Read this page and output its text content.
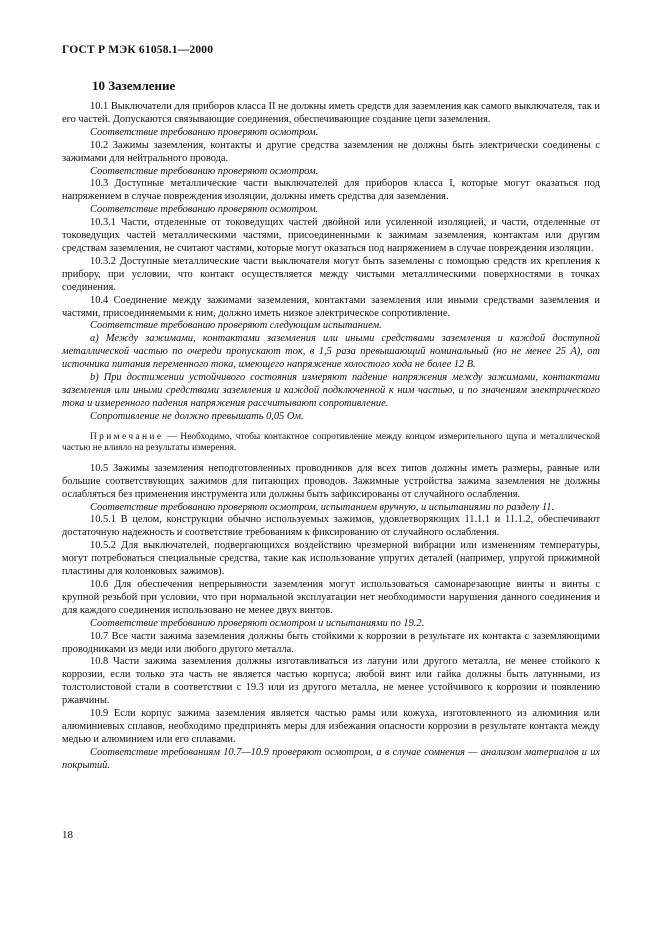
ГОСТ Р МЭК 61058.1—2000
10 Заземление

10.1 Выключатели для приборов класса II не должны иметь средств для заземления как самого выключателя, так и его частей. Допускаются связывающие соединения, обеспечивающие создание цепи заземления.

Соответствие требованию проверяют осмотром.

10.2 Зажимы заземления, контакты и другие средства заземления не должны быть электрически соединены с зажимами для нейтрального провода.

Соответствие требованию проверяют осмотром.

10.3 Доступные металлические части выключателей для приборов класса I, которые могут оказаться под напряжением в случае повреждения изоляции, должны иметь средства для заземления.

Соответствие требованию проверяют осмотром.

10.3.1 Части, отделенные от токоведущих частей двойной или усиленной изоляцией, и части, отделенные от токоведущих частей металлическими частями, присоединенными к зажимам заземления, контактам или другим средствам заземления, не считают частями, которые могут оказаться под напряжением в случае повреждения изоляции.

10.3.2 Доступные металлические части выключателя могут быть заземлены с помощью средств их крепления к прибору, при условии, что контакт осуществляется между чистыми металлическими поверхностями в точках соединения.

10.4 Соединение между зажимами заземления, контактами заземления или иными средствами заземления и частями, присоединяемыми к ним, должно иметь низкое электрическое сопротивление.

Соответствие требованию проверяют следующим испытанием.

а) Между зажимами, контактами заземления или иными средствами заземления и каждой доступной металлической частью по очереди пропускают ток, в 1,5 раза превышающий номинальный (но не менее 25 А), от источника питания переменного тока, имеющего напряжение холостого хода не более 12 В.

b) При достижении устойчивого состояния измеряют падение напряжения между зажимами, контактами заземления или иными средствами заземления и каждой подключенной к ним частью, и по значениям электрического тока и измеренного падения напряжения рассчитывают сопротивление.

Сопротивление не должно превышать 0,05 Ом.

Примечание — Необходимо, чтобы контактное сопротивление между концом измерительного щупа и металлической частью не влияло на результаты измерения.

10.5 Зажимы заземления неподготовленных проводников для всех типов должны иметь размеры, равные или большие соответствующих зажимов для питающих проводов. Зажимные устройства зажима заземления не должны ослабляться без применения инструмента или должны быть зафиксированы от случайного ослабления.

Соответствие требованию проверяют осмотром, испытанием вручную, и испытаниями по разделу 11.

10.5.1 В целом, конструкции обычно используемых зажимов, удовлетворяющих 11.1.1 и 11.1.2, обеспечивают достаточную надежность и соответствие требованиям к фиксированию от случайного ослабления.

10.5.2 Для выключателей, подвергающихся воздействию чрезмерной вибрации или изменениям температуры, могут потребоваться специальные средства, такие как использование упругих деталей (например, упругой прижимной пластины для колонковых зажимов).

10.6 Для обеспечения непрерывности заземления могут использоваться самонарезающие винты и винты с крупной резьбой при условии, что при нормальной эксплуатации нет необходимости нарушения данного соединения и для каждого соединения использовано не менее двух винтов.

Соответствие требованию проверяют осмотром и испытаниями по 19.2.

10.7 Все части зажима заземления должны быть стойкими к коррозии в результате их контакта с заземляющими проводниками из меди или любого другого металла.

10.8 Части зажима заземления должны изготавливаться из латуни или другого металла, не менее стойкого к коррозии, если только эта часть не является частью корпуса; любой винт или гайка должны быть латунными, из толстолистовой стали в соответствии с 19.3 или из другого металла, не менее устойчивого к коррозии и появлению ржавчины.

10.9 Если корпус зажима заземления является частью рамы или кожуха, изготовленного из алюминия или алюминиевых сплавов, необходимо предпринять меры для избежания опасности коррозии в результате контакта между медью и алюминием или его сплавами.

Соответствие требованиям 10.7—10.9 проверяют осмотром, а в случае сомнения — анализом материалов и их покрытий.

18
